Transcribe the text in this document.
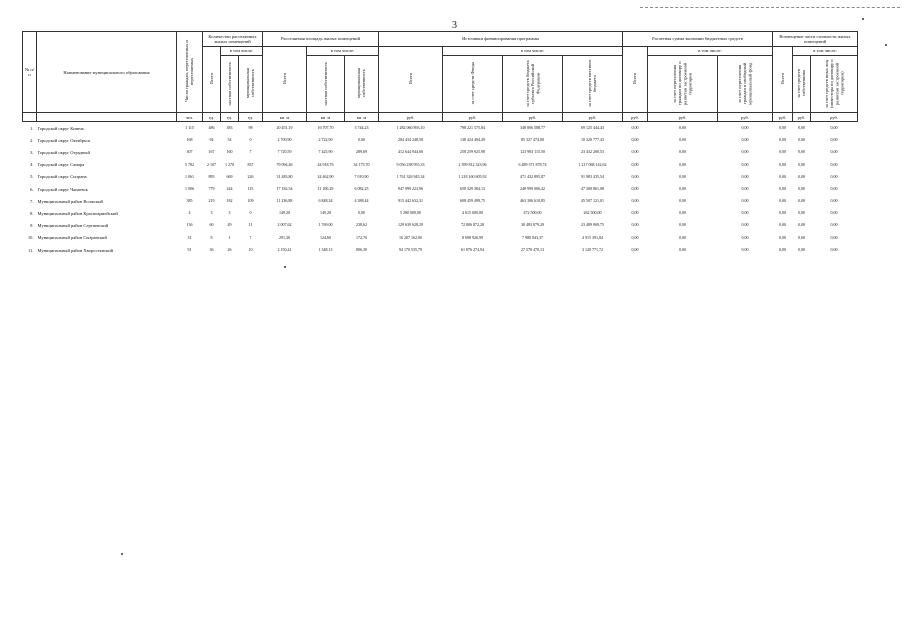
3
№ п/п	Наименование муниципального образования	Число граждан, переселенных и переселяемых	Количество расселяемых жилых помещений			Расселяемая площадь жилых помещений			Источники финансирования программы				Расчетная сумма экономии бюджетных средств			Возмещение части стоимости жилых помещений		
			Всего	в том числе:		Всего	в том числе:		Всего	в том числе:			Всего	в том числе:		Всего	в том числе:	
				частная собственность	муниципальная собственность		частная собственность	муниципальная собственность		за счет средств Фонда	за счет средств бюджета субъекта Российской Федерации	за счет средств местного бюджета		за счет переселения граждан по договору о развитии застроенной территории	за счет переселения граждан в свободный муниципальный фонд		за счет средств собственника	за счет средств иных лиц (инвестора по договору о развитии застроенной территории)
		чел.	ед.	ед.	ед.	кв. м	кв. м	кв. м	руб.	руб.	руб.	руб.	руб.	руб.	руб.	руб.	руб.	руб.
1.	Городской округ Кинель	1 115	486	383	98	20 451,19	16 707,70	3 744,23	1 282 060 893,10	798 221 575,84	348 806 588,77	69 125 444,43	0,00	0,00	0,00	0,00	0,00	0,00
2.	Городской округ Октябрьск	168	94	54	0	2 700,90	2 722,90	0,00	204 434 248,50	138 424 494,49	85 327 474,00	10 320 777,43	0,00	0,00	0,00	0,00	0,00	0,00
3.	Городской округ Отрадный	307	167	160	7	7 720,59	7 425,90	289,69	412 644 944,60	258 259 925,98	123 983 115,50	23 432 200,53	0,00	0,00	0,00	0,00	0,00	0,00
4.	Городской округ Самара	5 782	2 107	1 270	837	79 094,46	44 918,76	34 175,70	9 056 238 955,33	2 399 812 323,96	6 489 371 878,74	1 217 068 142,62	0,00	0,00	0,00	0,00	0,00	0,00
5.	Городской округ Сызрань	1 061	895	669	226	31 483,80	24 462,90	7 010,90	1 761 326 945,34	1 218 160 605,92	471 432 895,87	91 983 435,54	0,00	0,00	0,00	0,00	0,00	0,00
6.	Городской округ Чапаевск	1 006	779	244	115	17 182,54	11 100,29	6 082,25	947 999 223,96	650 329 384,13	248 999 006,42	47 300 861,08	0,00	0,00	0,00	0,00	0,00	0,00
7.	Муниципальный район Волжский	385	219	182	109	11 236,88	6 848,34	4 388,44	915 442 632,31	608 459 499,75	463 306 610,85	45 507 121,01	0,00	0,00	0,00	0,00	0,00	0,00
8.	Муниципальный район Красноармейский	4	3	3	0	149,20	149,20	0,00	5 280 000,00	4 615 000,00	472 500,00	262 500,00	0,00	0,00	0,00	0,00	0,00	0,00
9.	Муниципальный район Сергиевский	136	60	49	11	2 007,62	1 769,00	238,62	129 639 628,29	72 806 872,28	30 483 079,29	23 489 969,75	0,00	0,00	0,00	0,00	0,00	0,00
10.	Муниципальный район Сызранский	31	8	1	7	291,30	124,60	172,70	16 207 162,00	8 698 926,99	7 980 843,37	4 915 391,84	0,00	0,00	0,00	0,00	0,00	0,00
11.	Муниципальный район Хворостянский	91	36	26	10	2 150,41	1 348,13	806,30	94 170 535,79	61 876 274,94	27 578 470,13	3 120 771,72	0,00	0,00	0,00	0,00	0,00	0,00
